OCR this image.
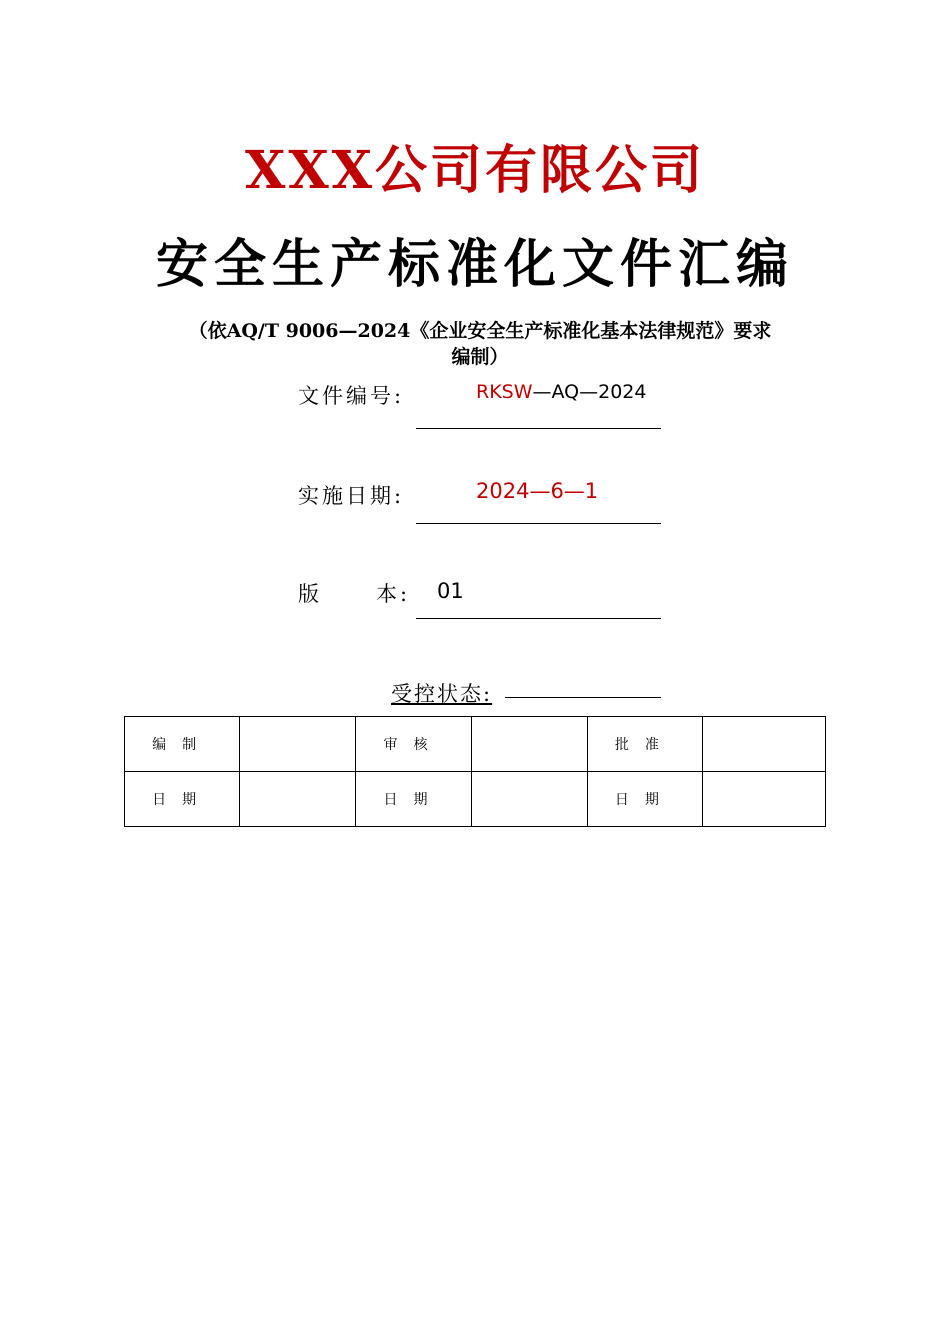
XXX公司有限公司
安全生产标准化文件汇编
（依AQ/T 9006—2024《企业安全生产标准化基本法律规范》要求
编制）
文件编号:	RKSW—AQ—2024
实施日期:	2024—6—1
版	本: 01
受控状态:
编制		审核		批准	
日期		日期		日期	
